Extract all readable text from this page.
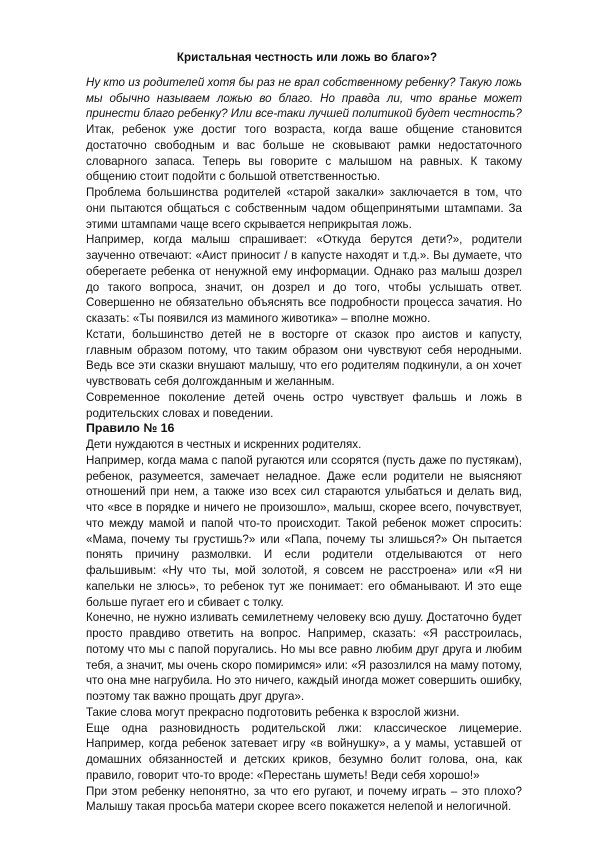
Кристальная честность или ложь во благо»?

Ну кто из родителей хотя бы раз не врал собственному ребенку? Такую ложь мы обычно называем ложью во благо. Но правда ли, что вранье может принести благо ребенку? Или все-таки лучшей политикой будет честность?

Итак, ребенок уже достиг того возраста, когда ваше общение становится достаточно свободным и вас больше не сковывают рамки недостаточного словарного запаса. Теперь вы говорите с малышом на равных. К такому общению стоит подойти с большой ответственностью.

Проблема большинства родителей «старой закалки» заключается в том, что они пытаются общаться с собственным чадом общепринятыми штампами. За этими штампами чаще всего скрывается неприкрытая ложь.

Например, когда малыш спрашивает: «Откуда берутся дети?», родители заученно отвечают: «Аист приносит / в капусте находят и т.д.». Вы думаете, что оберегаете ребенка от ненужной ему информации. Однако раз малыш дозрел до такого вопроса, значит, он дозрел и до того, чтобы услышать ответ. Совершенно не обязательно объяснять все подробности процесса зачатия. Но сказать: «Ты появился из маминого животика» – вполне можно.

Кстати, большинство детей не в восторге от сказок про аистов и капусту, главным образом потому, что таким образом они чувствуют себя неродными. Ведь все эти сказки внушают малышу, что его родителям подкинули, а он хочет чувствовать себя долгожданным и желанным.

Современное поколение детей очень остро чувствует фальшь и ложь в родительских словах и поведении.

Правило № 16

Дети нуждаются в честных и искренних родителях.

Например, когда мама с папой ругаются или ссорятся (пусть даже по пустякам), ребенок, разумеется, замечает неладное. Даже если родители не выясняют отношений при нем, а также изо всех сил стараются улыбаться и делать вид, что «все в порядке и ничего не произошло», малыш, скорее всего, почувствует, что между мамой и папой что-то происходит. Такой ребенок может спросить: «Мама, почему ты грустишь?» или «Папа, почему ты злишься?» Он пытается понять причину размолвки. И если родители отделываются от него фальшивым: «Ну что ты, мой золотой, я совсем не расстроена» или «Я ни капельки не злюсь», то ребенок тут же понимает: его обманывают. И это еще больше пугает его и сбивает с толку.

Конечно, не нужно изливать семилетнему человеку всю душу. Достаточно будет просто правдиво ответить на вопрос. Например, сказать: «Я расстроилась, потому что мы с папой поругались. Но мы все равно любим друг друга и любим тебя, а значит, мы очень скоро помиримся» или: «Я разозлился на маму потому, что она мне нагрубила. Но это ничего, каждый иногда может совершить ошибку, поэтому так важно прощать друг друга».

Такие слова могут прекрасно подготовить ребенка к взрослой жизни.

Еще одна разновидность родительской лжи: классическое лицемерие. Например, когда ребенок затевает игру «в войнушку», а у мамы, уставшей от домашних обязанностей и детских криков, безумно болит голова, она, как правило, говорит что-то вроде: «Перестань шуметь! Веди себя хорошо!»

При этом ребенку непонятно, за что его ругают, и почему играть – это плохо? Малышу такая просьба матери скорее всего покажется нелепой и нелогичной.
